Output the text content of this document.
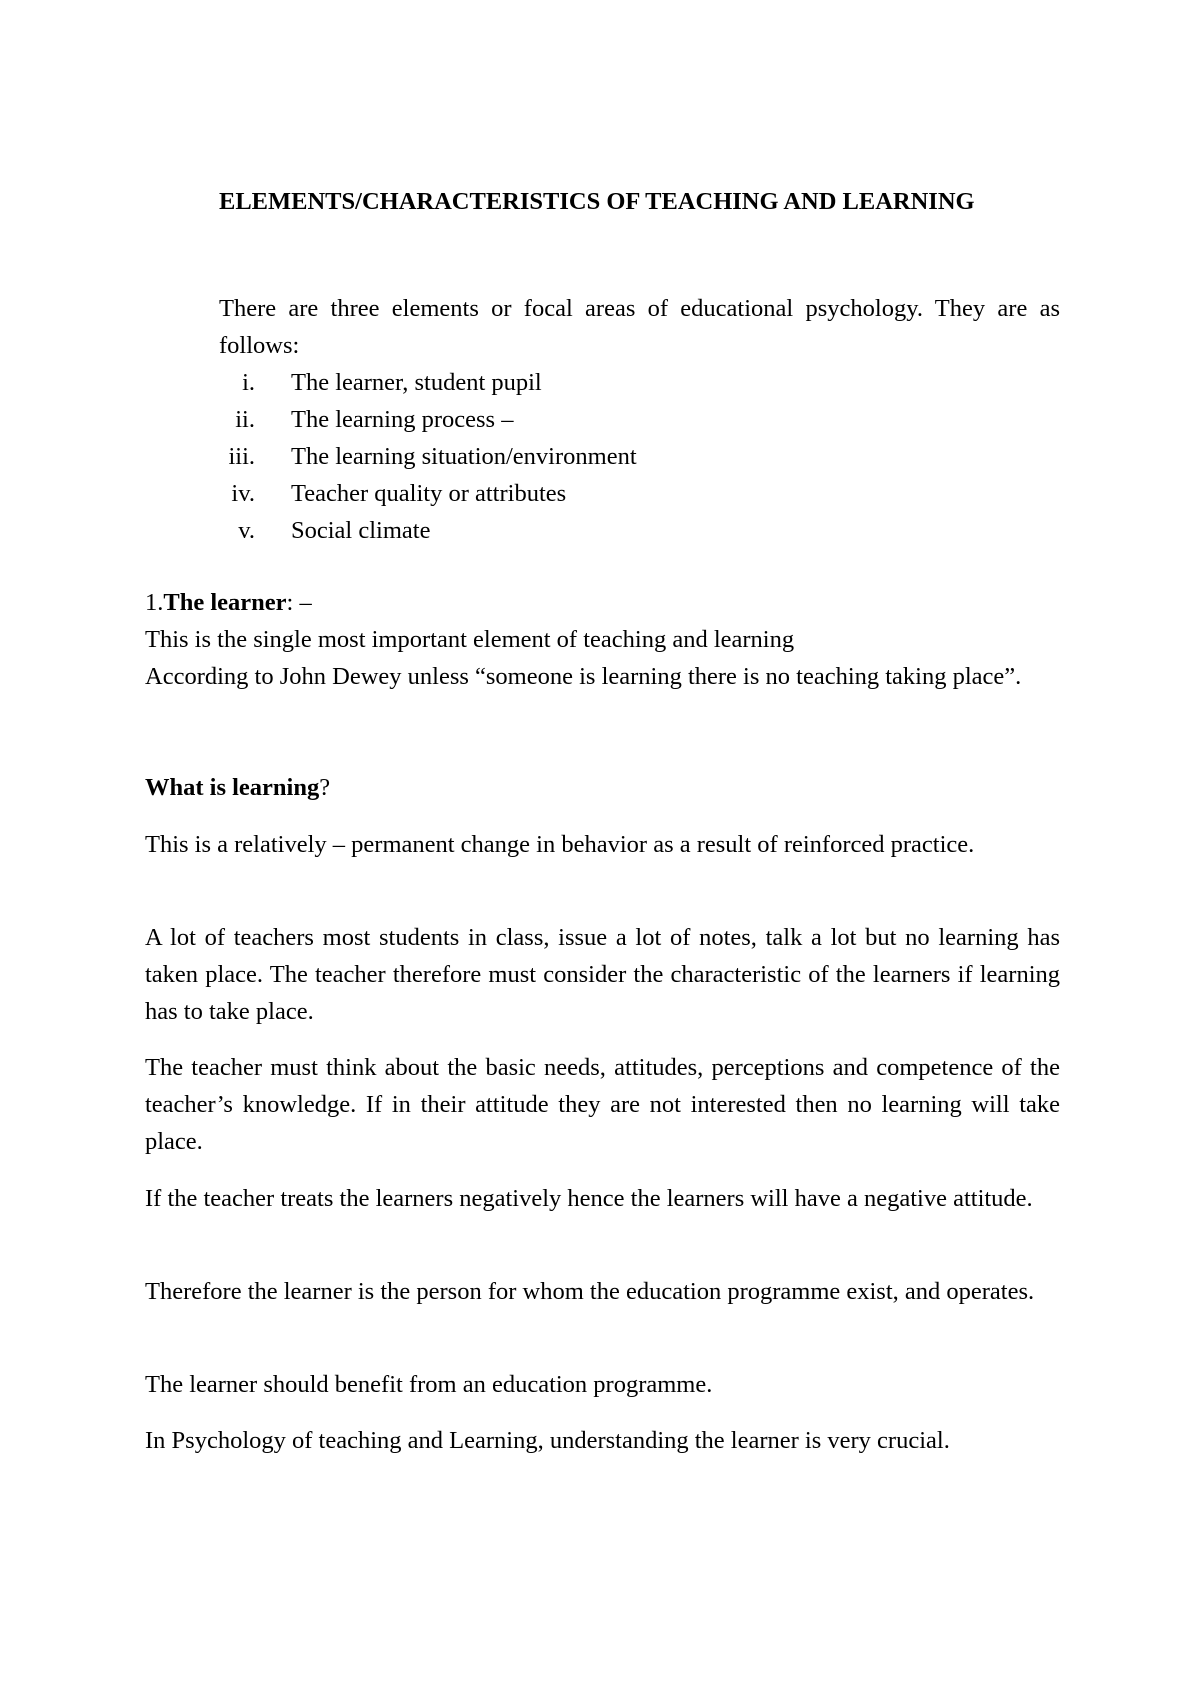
ELEMENTS/CHARACTERISTICS OF TEACHING AND LEARNING

There are three elements or focal areas of educational psychology. They are as follows:

i. The learner, student pupil
ii. The learning process –
iii. The learning situation/environment
iv. Teacher quality or attributes
v. Social climate

1.The learner: –

This is the single most important element of teaching and learning

According to John Dewey unless “someone is learning there is no teaching taking place”.

What is learning?

This is a relatively – permanent change in behavior as a result of reinforced practice.

A lot of teachers most students in class, issue a lot of notes, talk a lot but no learning has taken place. The teacher therefore must consider the characteristic of the learners if learning has to take place.

The teacher must think about the basic needs, attitudes, perceptions and competence of the teacher’s knowledge. If in their attitude they are not interested then no learning will take place.

If the teacher treats the learners negatively hence the learners will have a negative attitude.

Therefore the learner is the person for whom the education programme exist, and operates.

The learner should benefit from an education programme.

In Psychology of teaching and Learning, understanding the learner is very crucial.
